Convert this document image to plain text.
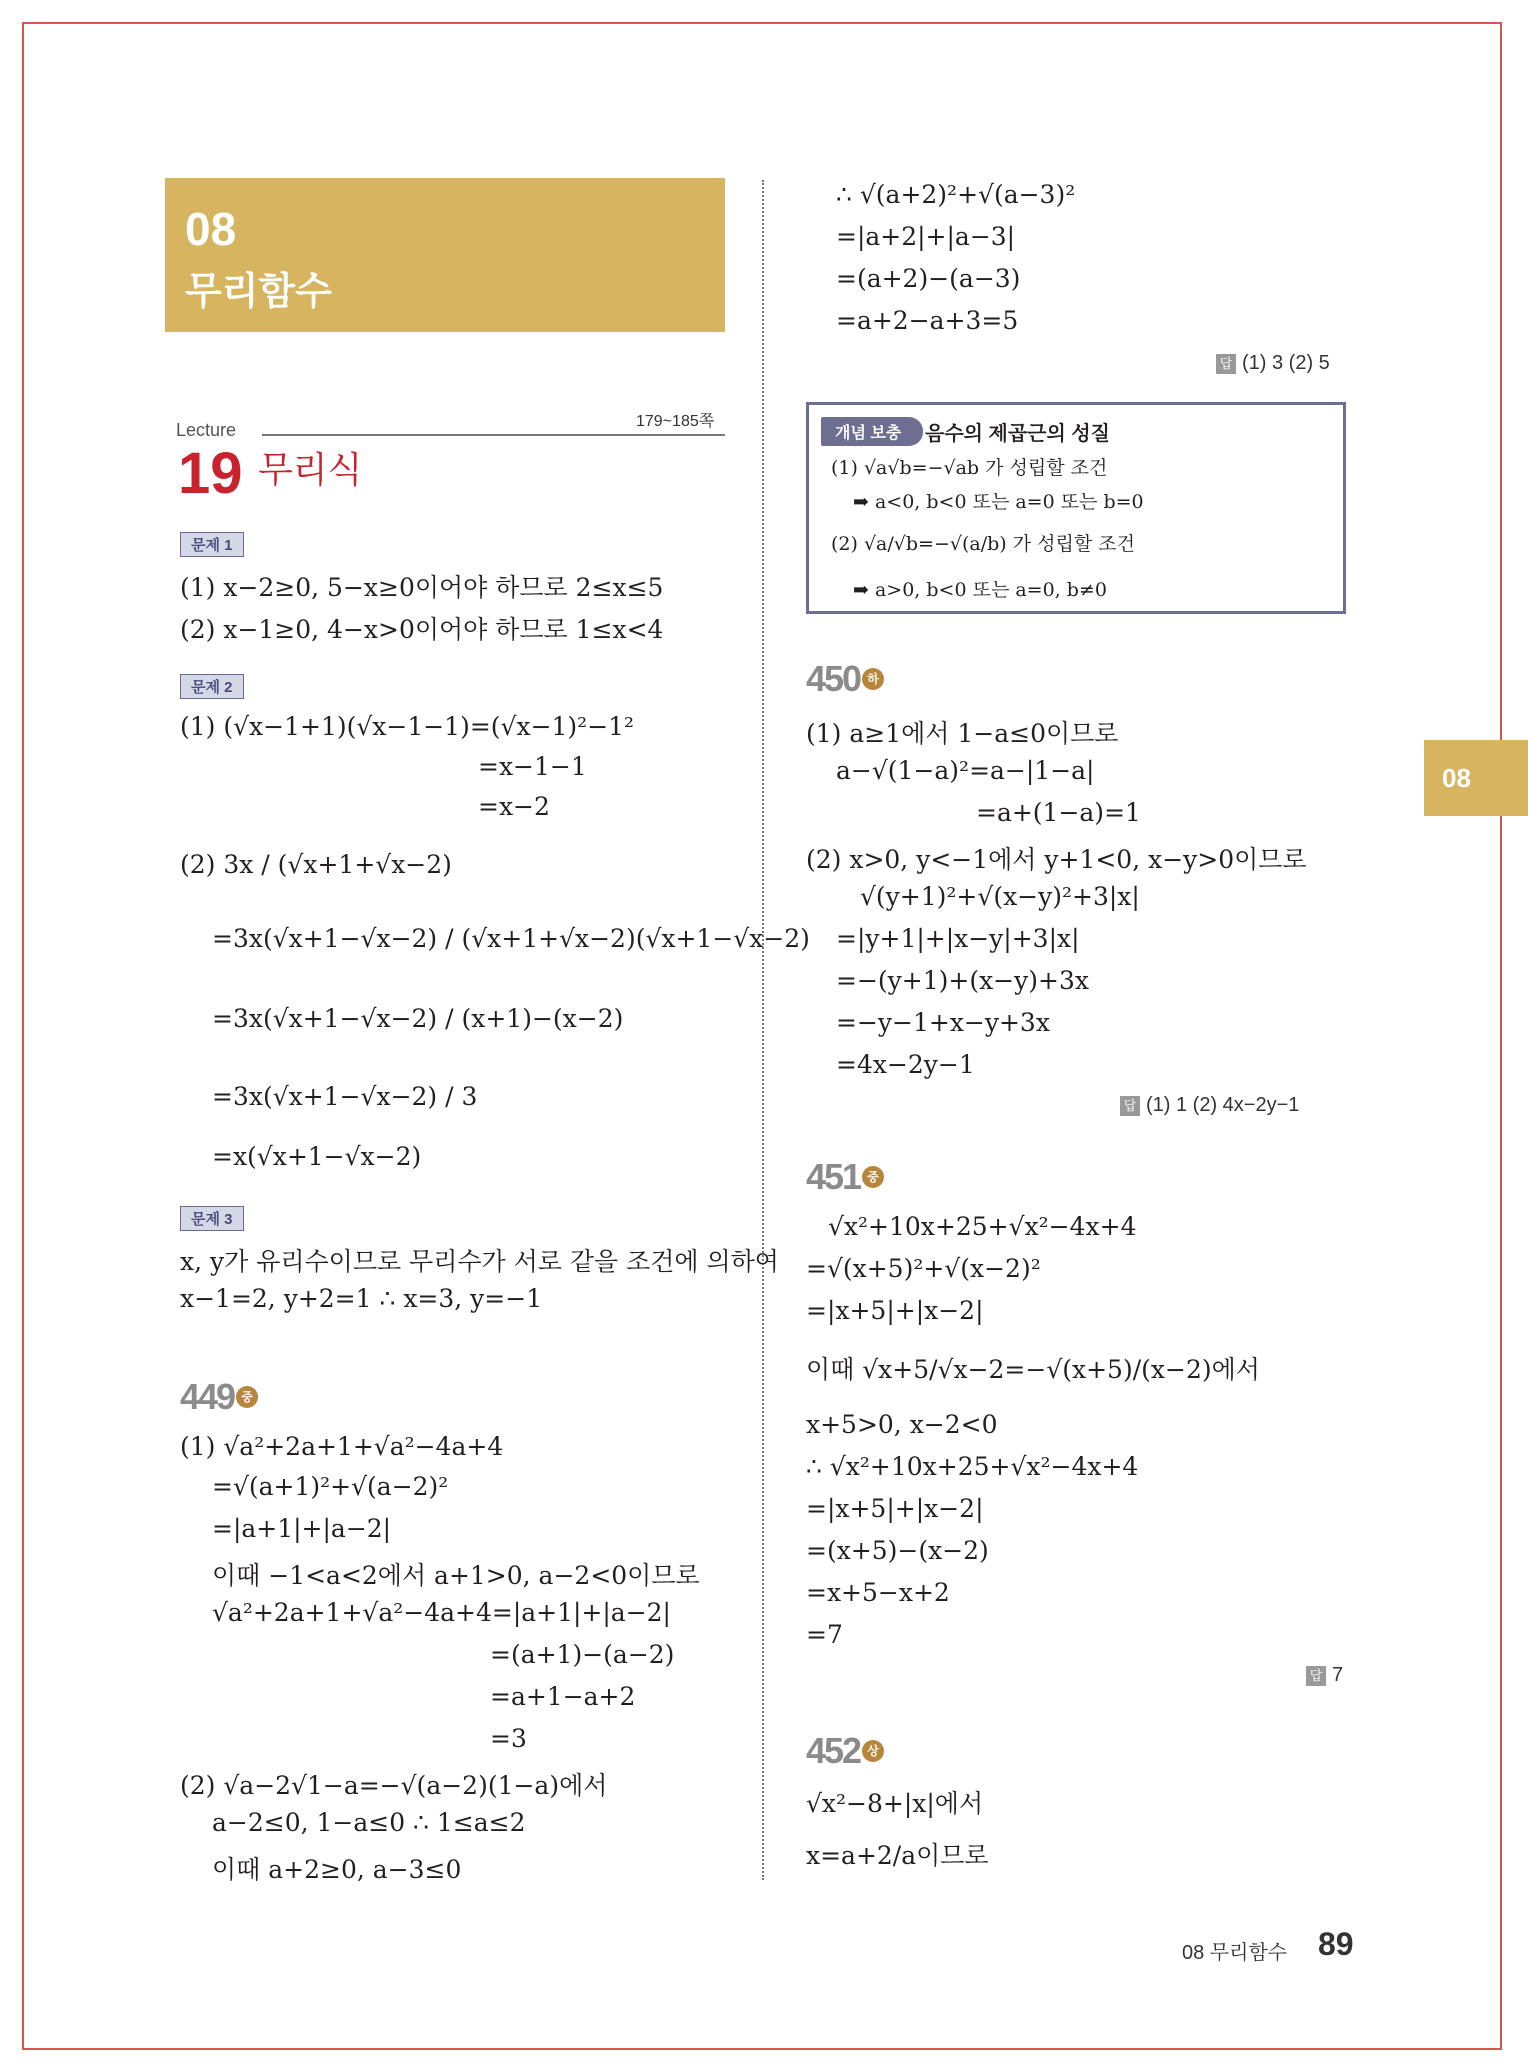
08
무리함수
Lecture	179~185쪽
19 무리식
문제 1
(1) x−2≥0, 5−x≥0이어야 하므로 2≤x≤5
(2) x−1≥0, 4−x>0이어야 하므로 1≤x<4
문제 2
(1) (√x−1+1)(√x−1−1)=(√x−1)²−1²
=x−1−1
=x−2
(2) 3x / (√x+1+√x−2)
=3x(√x+1−√x−2) / (√x+1+√x−2)(√x+1−√x−2)
=3x(√x+1−√x−2) / (x+1)−(x−2)
=3x(√x+1−√x−2) / 3
=x(√x+1−√x−2)
문제 3
x, y가 유리수이므로 무리수가 서로 같을 조건에 의하여
x−1=2, y+2=1 ∴ x=3, y=−1
449 중
(1) √a²+2a+1+√a²−4a+4
=√(a+1)²+√(a−2)²
=|a+1|+|a−2|
이때 −1<a<2에서 a+1>0, a−2<0이므로
√a²+2a+1+√a²−4a+4=|a+1|+|a−2|
=(a+1)−(a−2)
=a+1−a+2
=3
(2) √a−2√1−a=−√(a−2)(1−a)에서
a−2≤0, 1−a≤0 ∴ 1≤a≤2
이때 a+2≥0, a−3≤0
∴ √(a+2)²+√(a−3)²
=|a+2|+|a−3|
=(a+2)−(a−3)
=a+2−a+3=5
답 (1) 3 (2) 5
개념 보충	음수의 제곱근의 성질
(1) √a√b=−√ab 가 성립할 조건
➡ a<0, b<0 또는 a=0 또는 b=0
(2) √a/√b=−√(a/b) 가 성립할 조건
➡ a>0, b<0 또는 a=0, b≠0
450 하
(1) a≥1에서 1−a≤0이므로
a−√(1−a)²=a−|1−a|
=a+(1−a)=1
(2) x>0, y<−1에서 y+1<0, x−y>0이므로
√(y+1)²+√(x−y)²+3|x|
=|y+1|+|x−y|+3|x|
=−(y+1)+(x−y)+3x
=−y−1+x−y+3x
=4x−2y−1
답 (1) 1 (2) 4x−2y−1
451 중
√x²+10x+25+√x²−4x+4
=√(x+5)²+√(x−2)²
=|x+5|+|x−2|
이때 √x+5/√x−2=−√(x+5)/(x−2)에서
x+5>0, x−2<0
∴ √x²+10x+25+√x²−4x+4
=|x+5|+|x−2|
=(x+5)−(x−2)
=x+5−x+2
=7
답 7
452 상
√x²−8+|x|에서
x=a+2/a이므로
08
08 무리함수 89
